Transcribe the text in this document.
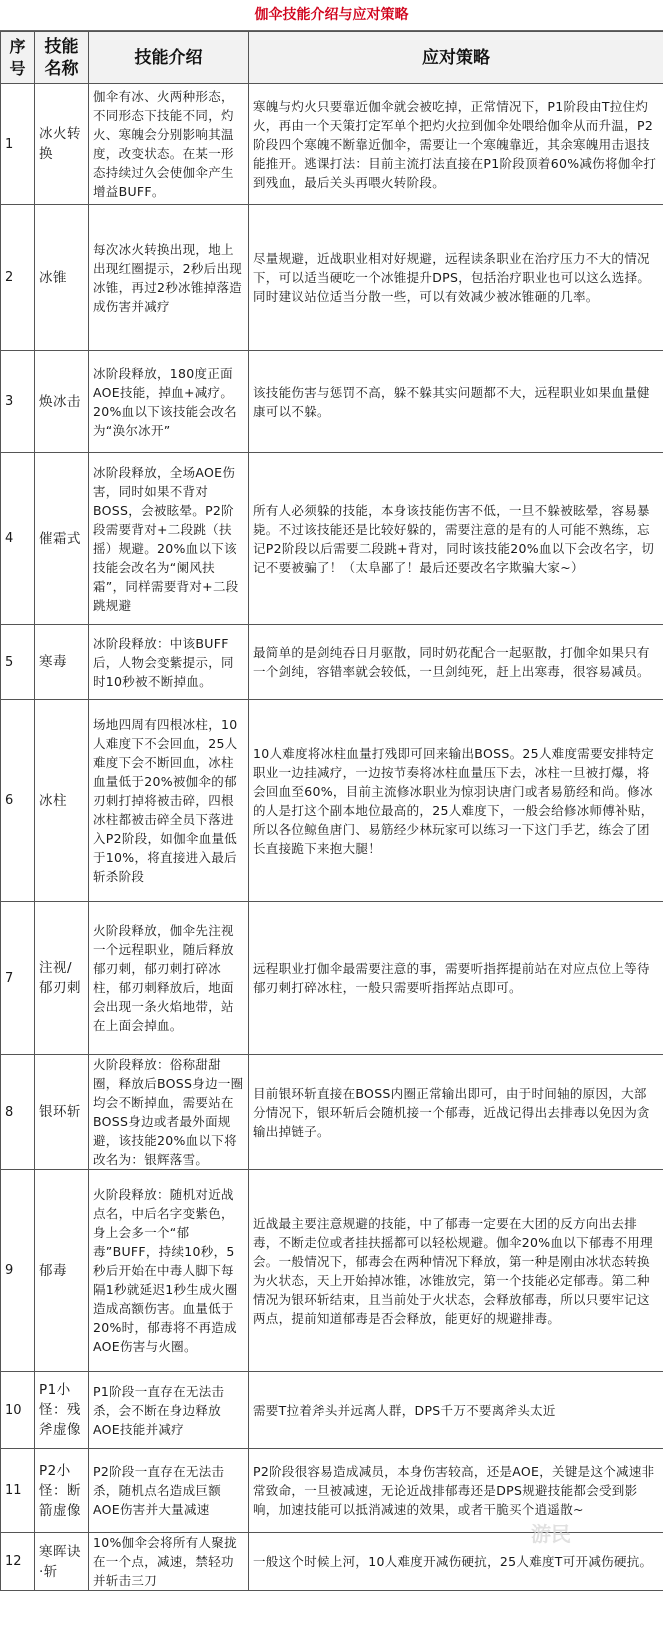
伽伞技能介绍与应对策略
序号	技能名称	技能介绍	应对策略
1	冰火转换	伽伞有冰、火两种形态，不同形态下技能不同，灼火、寒魄会分别影响其温度，改变状态。在某一形态持续过久会使伽伞产生增益BUFF。	寒魄与灼火只要靠近伽伞就会被吃掉，正常情况下，P1阶段由T拉住灼火，再由一个天策打定军单个把灼火拉到伽伞处喂给伽伞从而升温，P2阶段四个寒魄不断靠近伽伞，需要让一个寒魄靠近，其余寒魄用击退技能推开。逃课打法：目前主流打法直接在P1阶段顶着60%减伤将伽伞打到残血，最后关头再喂火转阶段。
2	冰锥	每次冰火转换出现，地上出现红圈提示，2秒后出现冰锥，再过2秒冰锥掉落造成伤害并减疗	尽量规避，近战职业相对好规避，远程读条职业在治疗压力不大的情况下，可以适当硬吃一个冰锥提升DPS，包括治疗职业也可以这么选择。同时建议站位适当分散一些，可以有效减少被冰锥砸的几率。
3	焕冰击	冰阶段释放，180度正面AOE技能，掉血+减疗。20%血以下该技能会改名为“涣尔冰开”	该技能伤害与惩罚不高，躲不躲其实问题都不大，远程职业如果血量健康可以不躲。
4	催霜式	冰阶段释放，全场AOE伤害，同时如果不背对BOSS，会被眩晕。P2阶段需要背对+二段跳（扶摇）规避。20%血以下该技能会改名为“阑风扶霜”，同样需要背对+二段跳规避	所有人必须躲的技能，本身该技能伤害不低，一旦不躲被眩晕，容易暴毙。不过该技能还是比较好躲的，需要注意的是有的人可能不熟练，忘记P2阶段以后需要二段跳+背对，同时该技能20%血以下会改名字，切记不要被骗了！（太阜鄙了！最后还要改名字欺骗大家~）
5	寒毒	冰阶段释放：中该BUFF后，人物会变紫提示，同时10秒被不断掉血。	最简单的是剑纯吞日月驱散，同时奶花配合一起驱散，打伽伞如果只有一个剑纯，容错率就会较低，一旦剑纯死，赶上出寒毒，很容易减员。
6	冰柱	场地四周有四根冰柱，10人难度下不会回血，25人难度下会不断回血，冰柱血量低于20%被伽伞的郁刃刺打掉将被击碎，四根冰柱都被击碎全员下落进入P2阶段，如伽伞血量低于10%，将直接进入最后斩杀阶段	10人难度将冰柱血量打残即可回来输出BOSS。25人难度需要安排特定职业一边挂减疗，一边按节奏将冰柱血量压下去，冰柱一旦被打爆，将会回血至60%，目前主流修冰职业为惊羽诀唐门或者易筋经和尚。修冰的人是打这个副本地位最高的，25人难度下，一般会给修冰师傅补贴，所以各位鲸鱼唐门、易筋经少林玩家可以练习一下这门手艺，练会了团长直接跪下来抱大腿！
7	注视/郁刃刺	火阶段释放，伽伞先注视一个远程职业，随后释放郁刃刺，郁刃刺打碎冰柱，郁刃刺释放后，地面会出现一条火焰地带，站在上面会掉血。	远程职业打伽伞最需要注意的事，需要听指挥提前站在对应点位上等待郁刃刺打碎冰柱，一般只需要听指挥站点即可。
8	银环斩	火阶段释放：俗称甜甜圈，释放后BOSS身边一圈均会不断掉血，需要站在BOSS身边或者最外面规避，该技能20%血以下将改名为：银辉落雪。	目前银环斩直接在BOSS内圈正常输出即可，由于时间轴的原因，大部分情况下，银环斩后会随机接一个郁毒，近战记得出去排毒以免因为贪输出掉链子。
9	郁毒	火阶段释放：随机对近战点名，中后名字变紫色，身上会多一个“郁毒”BUFF，持续10秒，5秒后开始在中毒人脚下每隔1秒就延迟1秒生成火圈造成高额伤害。血量低于20%时，郁毒将不再造成AOE伤害与火圈。	近战最主要注意规避的技能，中了郁毒一定要在大团的反方向出去排毒，不断走位或者挂扶摇都可以轻松规避。伽伞20%血以下郁毒不用理会。一般情况下，郁毒会在两种情况下释放，第一种是刚由冰状态转换为火状态，天上开始掉冰锥，冰锥放完，第一个技能必定郁毒。第二种情况为银环斩结束，且当前处于火状态，会释放郁毒，所以只要牢记这两点，提前知道郁毒是否会释放，能更好的规避排毒。
10	P1小怪：残斧虚像	P1阶段一直存在无法击杀，会不断在身边释放AOE技能并减疗	需要T拉着斧头并远离人群，DPS千万不要离斧头太近
11	P2小怪：断箭虚像	P2阶段一直存在无法击杀，随机点名造成巨额AOE伤害并大量减速	P2阶段很容易造成减员，本身伤害较高，还是AOE，关键是这个减速非常致命，一旦被减速，无论近战排郁毒还是DPS规避技能都会受到影响，加速技能可以抵消减速的效果，或者干脆买个逍遥散~
12	寒晖诀·斩	10%伽伞会将所有人聚拢在一个点，减速，禁轻功并斩击三刀	一般这个时候上河，10人难度开减伤硬抗，25人难度T可开减伤硬抗。
游民
